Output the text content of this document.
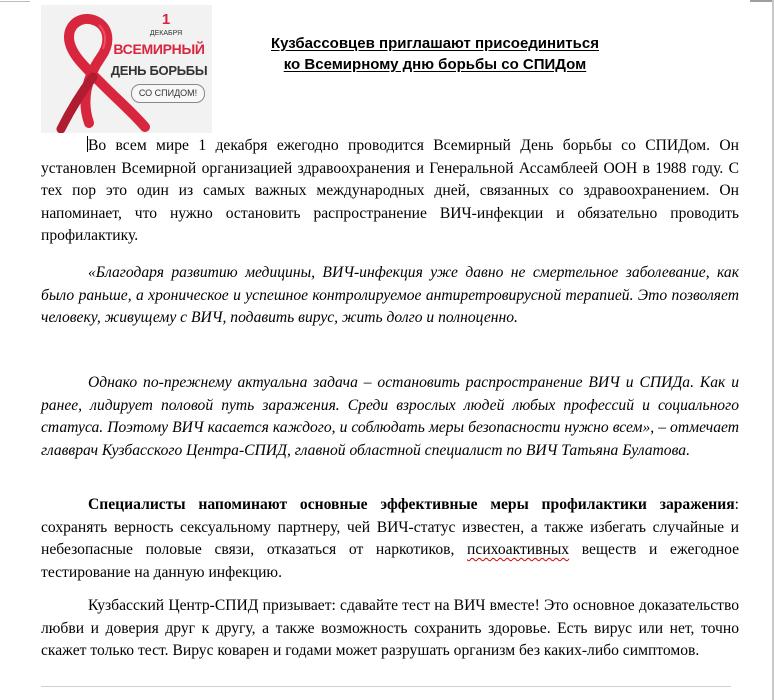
1
ДЕКАБРЯ
ВСЕМИРНЫЙ
ДЕНЬ БОРЬБЫ
СО СПИДОМ!
Кузбассовцев приглашают присоединиться
ко Всемирному дню борьбы со СПИДом

Во всем мире 1 декабря ежегодно проводится Всемирный День борьбы со СПИДом. Он установлен Всемирной организацией здравоохранения и Генеральной Ассамблеей ООН в 1988 году. С тех пор это один из самых важных международных дней, связанных со здравоохранением. Он напоминает, что нужно остановить распространение ВИЧ-инфекции и обязательно проводить профилактику.

«Благодаря развитию медицины, ВИЧ-инфекция уже давно не смертельное заболевание, как было раньше, а хроническое и успешное контролируемое антиретровирусной терапией. Это позволяет человеку, живущему с ВИЧ, подавить вирус, жить долго и полноценно.

Однако по-прежнему актуальна задача – остановить распространение ВИЧ и СПИДа. Как и ранее, лидирует половой путь заражения. Среди взрослых людей любых профессий и социального статуса. Поэтому ВИЧ касается каждого, и соблюдать меры безопасности нужно всем», – отмечает главврач Кузбасского Центра-СПИД, главной областной специалист по ВИЧ Татьяна Булатова.

Специалисты напоминают основные эффективные меры профилактики заражения: сохранять верность сексуальному партнеру, чей ВИЧ-статус известен, а также избегать случайные и небезопасные половые связи, отказаться от наркотиков, психоактивных веществ и ежегодное тестирование на данную инфекцию.

Кузбасский Центр-СПИД призывает: сдавайте тест на ВИЧ вместе! Это основное доказательство любви и доверия друг к другу, а также возможность сохранить здоровье. Есть вирус или нет, точно скажет только тест. Вирус коварен и годами может разрушать организм без каких-либо симптомов.
